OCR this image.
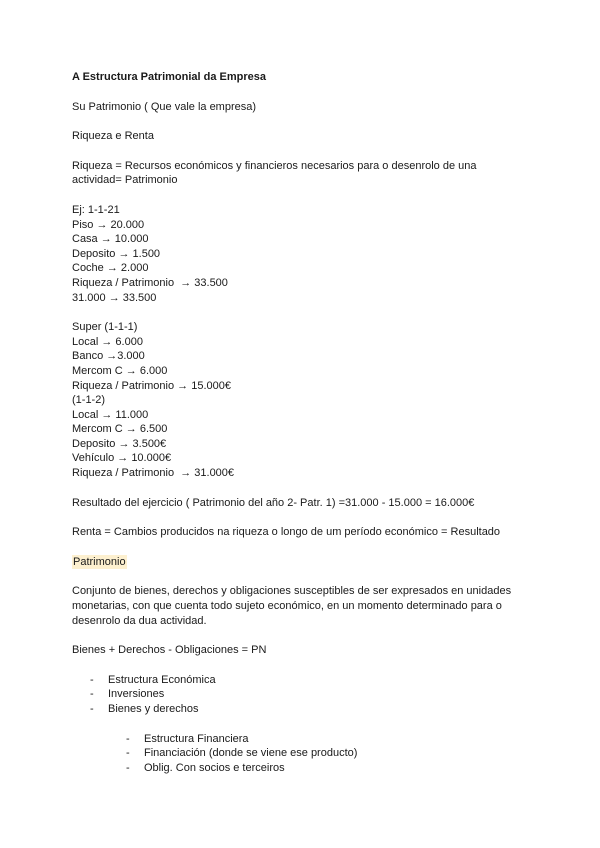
A Estructura Patrimonial da Empresa
Su Patrimonio ( Que vale la empresa)
Riqueza e Renta
Riqueza = Recursos económicos y financieros necesarios para o desenrolo de una
actividad= Patrimonio
Ej: 1-1-21
Piso → 20.000
Casa → 10.000
Deposito → 1.500
Coche → 2.000
Riqueza / Patrimonio  → 33.500
31.000 → 33.500
Super (1-1-1)
Local → 6.000
Banco →3.000
Mercom C → 6.000
Riqueza / Patrimonio → 15.000€
(1-1-2)
Local → 11.000
Mercom C → 6.500
Deposito → 3.500€
Vehículo → 10.000€
Riqueza / Patrimonio  → 31.000€
Resultado del ejercicio ( Patrimonio del año 2- Patr. 1) =31.000 - 15.000 = 16.000€
Renta = Cambios producidos na riqueza o longo de um período económico = Resultado
Patrimonio
Conjunto de bienes, derechos y obligaciones susceptibles de ser expresados en unidades
monetarias, con que cuenta todo sujeto económico, en un momento determinado para o
desenrolo da dua actividad.
Bienes + Derechos - Obligaciones = PN
- Estructura Económica
- Inversiones
- Bienes y derechos
- Estructura Financiera
- Financiación (donde se viene ese producto)
- Oblig. Con socios e terceiros
